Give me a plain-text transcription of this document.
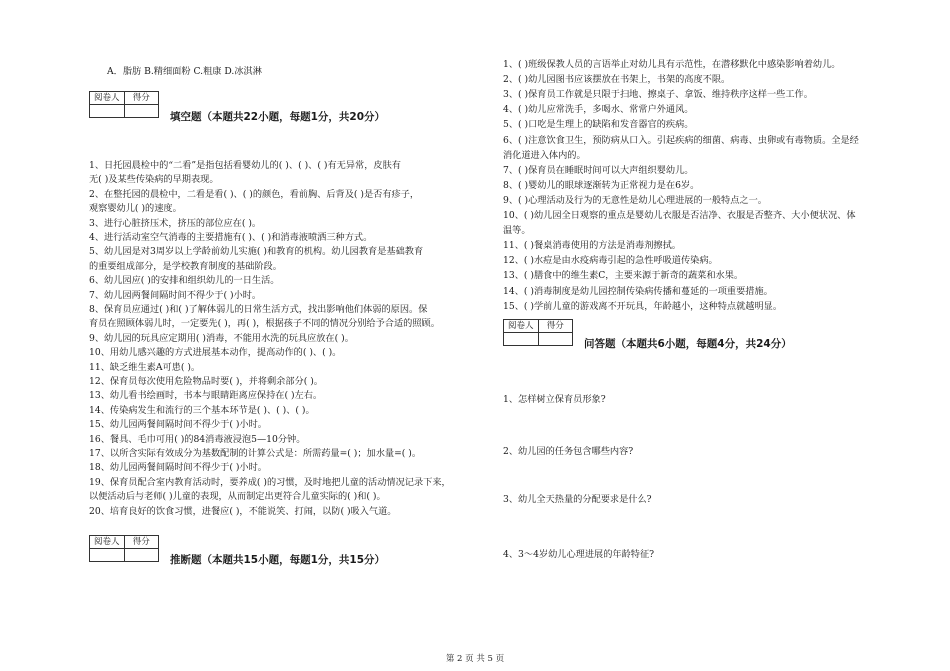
A．脂肪 B.精细面粉 C.粗康 D.冰淇淋
阅卷人	得分
填空题（本题共22小题，每题1分，共20分）
1、日托园晨检中的“二看”是指包括看婴幼儿的( )、( )、( )有无异常，皮肤有
无( )及某些传染病的早期表现。
2、在整托园的晨检中，二看是看( )、( )的颜色，看前胸、后背及( )是否有疹子，
观察婴幼儿( )的速度。
3、进行心脏挤压术，挤压的部位应在( )。
4、进行活动室空气消毒的主要措施有( )、( )和消毒液喷洒三种方式。
5、幼儿园是对3周岁以上学龄前幼儿实施( )和教育的机构。幼儿园教育是基础教育
的重要组成部分，是学校教育制度的基础阶段。
6、幼儿园应( )的安排和组织幼儿的一日生活。
7、幼儿园两餐间隔时间不得少于( )小时。
8、保育员应通过( )和( )了解体弱儿的日常生活方式，找出影响他们体弱的原因。保
育员在照顾体弱儿时，一定要先( )，再( )，根据孩子不同的情况分别给予合适的照顾。
9、幼儿园的玩具应定期用( )消毒，不能用水洗的玩具应放在( )。
10、用幼儿感兴趣的方式进展基本动作，提高动作的( )、( )。
11、缺乏维生素A可患( )。
12、保育员每次使用危险物品时要( )，并将剩余部分( )。
13、幼儿看书绘画时，书本与眼睛距离应保持在( )左右。
14、传染病发生和流行的三个基本环节是( )、( )、( )。
15、幼儿园两餐间隔时间不得少于( )小时。
16、餐具、毛巾可用( )的84消毒液浸泡5—10分钟。
17、以所含实际有效成分为基数配制的计算公式是：所需药量=( )；加水量=( )。
18、幼儿园两餐间隔时间不得少于( )小时。
19、保育员配合室内教育活动时，要养成( )的习惯，及时地把儿童的活动情况记录下来，
以便活动后与老师( )儿童的表现，从而制定出更符合儿童实际的( )和( )。
20、培育良好的饮食习惯，进餐应( )，不能说笑、打闹，以防( )吸入气道。
阅卷人	得分
推断题（本题共15小题，每题1分，共15分）
1、( )班级保教人员的言语举止对幼儿具有示范性，在潜移默化中感染影响着幼儿。
2、( )幼儿园图书应该摆放在书架上，书架的高度不限。
3、( )保育员工作就是只限于扫地、擦桌子、拿饭、维持秩序这样一些工作。
4、( )幼儿应常洗手，多喝水、常常户外通风。
5、( )口吃是生理上的缺陷和发音器官的疾病。
6、( )注意饮食卫生，预防病从口入。引起疾病的细菌、病毒、虫卵或有毒物质。全是经
消化道进入体内的。
7、( )保育员在睡眠时间可以大声组织婴幼儿。
8、( )婴幼儿的眼球逐渐转为正常视力是在6岁。
9、( )心理活动及行为的无意性是幼儿心理进展的一般特点之一。
10、( )幼儿园全日观察的重点是婴幼儿衣服是否洁净、衣服是否整齐、大小便状况、体
温等。
11、( )餐桌消毒使用的方法是消毒剂擦拭。
12、( )水痘是由水疫病毒引起的急性呼吸道传染病。
13、( )膳食中的维生素C，主要来源于新奇的蔬菜和水果。
14、( )消毒制度是幼儿园控制传染病传播和蔓延的一项重要措施。
15、( )学前儿童的游戏离不开玩具，年龄越小，这种特点就越明显。
阅卷人	得分
问答题（本题共6小题，每题4分，共24分）
1、怎样树立保育员形象?
2、幼儿园的任务包含哪些内容?
3、幼儿全天热量的分配要求是什么?
4、3～4岁幼儿心理进展的年龄特征?
第 2 页 共 5 页
